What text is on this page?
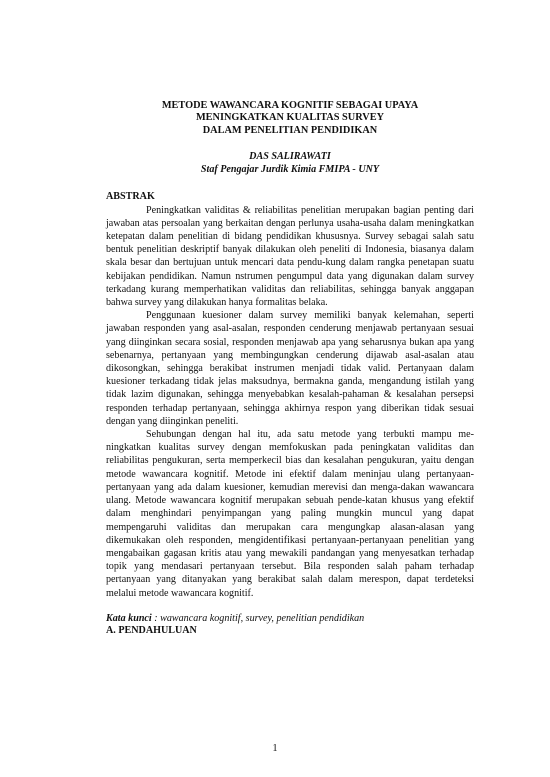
METODE WAWANCARA KOGNITIF SEBAGAI UPAYA
MENINGKATKAN KUALITAS SURVEY
DALAM PENELITIAN PENDIDIKAN
DAS SALIRAWATI
Staf Pengajar Jurdik Kimia FMIPA - UNY
ABSTRAK

Peningkatkan validitas & reliabilitas penelitian merupakan bagian penting dari jawaban atas persoalan yang berkaitan dengan perlunya usaha-usaha dalam meningkatkan ketepatan dalam penelitian di bidang pendidikan khususnya. Survey sebagai salah satu bentuk penelitian deskriptif banyak dilakukan oleh peneliti di Indonesia, biasanya dalam skala besar dan bertujuan untuk mencari data pendu-kung dalam rangka penetapan suatu kebijakan pendidikan. Namun nstrumen pengumpul data yang digunakan dalam survey terkadang kurang memperhatikan validitas dan reliabilitas, sehingga banyak anggapan bahwa survey yang dilakukan hanya formalitas belaka.

Penggunaan kuesioner dalam survey memiliki banyak kelemahan, seperti jawaban responden yang asal-asalan, responden cenderung menjawab pertanyaan sesuai yang diinginkan secara sosial, responden menjawab apa yang seharusnya bukan apa yang sebenarnya, pertanyaan yang membingungkan cenderung dijawab asal-asalan atau dikosongkan, sehingga berakibat instrumen menjadi tidak valid. Pertanyaan dalam kuesioner terkadang tidak jelas maksudnya, bermakna ganda, mengandung istilah yang tidak lazim digunakan, sehingga menyebabkan kesalah-pahaman & kesalahan persepsi responden terhadap pertanyaan, sehingga akhirnya respon yang diberikan tidak sesuai dengan yang diinginkan peneliti.

Sehubungan dengan hal itu, ada satu metode yang terbukti mampu me-ningkatkan kualitas survey dengan memfokuskan pada peningkatan validitas dan reliabilitas pengukuran, serta memperkecil bias dan kesalahan pengukuran, yaitu dengan metode wawancara kognitif. Metode ini efektif dalam meninjau ulang pertanyaan-pertanyaan yang ada dalam kuesioner, kemudian merevisi dan menga-dakan wawancara ulang. Metode wawancara kognitif merupakan sebuah pende-katan khusus yang efektif dalam menghindari penyimpangan yang paling mungkin muncul yang dapat mempengaruhi validitas dan merupakan cara mengungkap alasan-alasan yang dikemukakan oleh responden, mengidentifikasi pertanyaan-pertanyaan penelitian yang mengabaikan gagasan kritis atau yang mewakili pandangan yang menyesatkan terhadap topik yang mendasari pertanyaan tersebut. Bila responden salah paham terhadap pertanyaan yang ditanyakan yang berakibat salah dalam merespon, dapat terdeteksi melalui metode wawancara kognitif.

Kata kunci : wawancara kognitif, survey, penelitian pendidikan
A. PENDAHULUAN
1
